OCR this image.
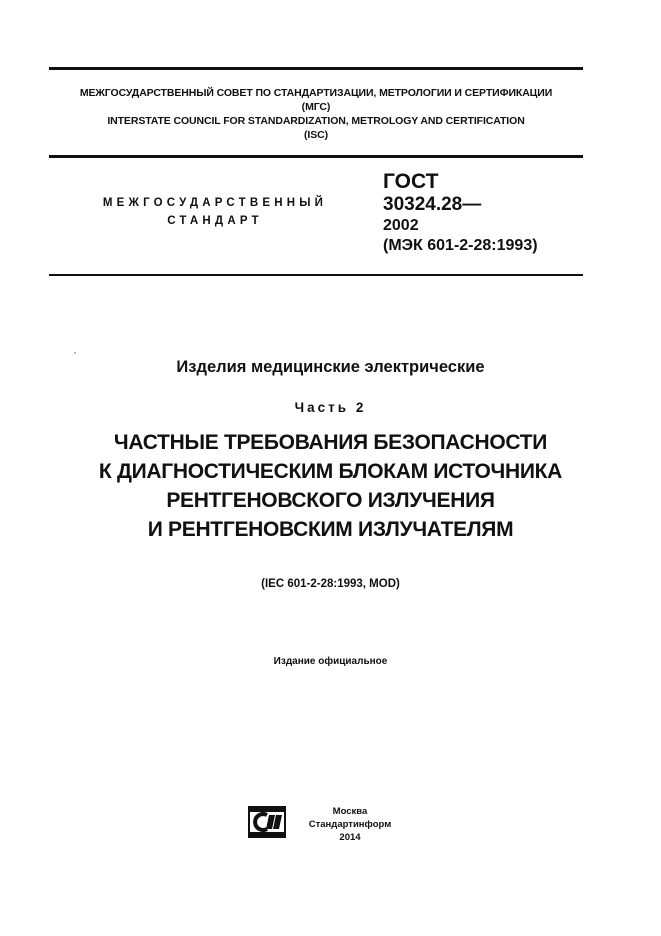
МЕЖГОСУДАРСТВЕННЫЙ СОВЕТ ПО СТАНДАРТИЗАЦИИ, МЕТРОЛОГИИ И СЕРТИФИКАЦИИ
(МГС)
INTERSTATE COUNCIL FOR STANDARDIZATION, METROLOGY AND CERTIFICATION
(ISC)
МЕЖГОСУДАРСТВЕННЫЙ
СТАНДАРТ
ГОСТ
30324.28—
2002
(МЭК 601-2-28:1993)
Изделия медицинские электрические
Часть 2
ЧАСТНЫЕ ТРЕБОВАНИЯ БЕЗОПАСНОСТИ
К ДИАГНОСТИЧЕСКИМ БЛОКАМ ИСТОЧНИКА
РЕНТГЕНОВСКОГО ИЗЛУЧЕНИЯ
И РЕНТГЕНОВСКИМ ИЗЛУЧАТЕЛЯМ
(IEC 601-2-28:1993, MOD)
Издание официальное
Москва
Стандартинформ
2014
